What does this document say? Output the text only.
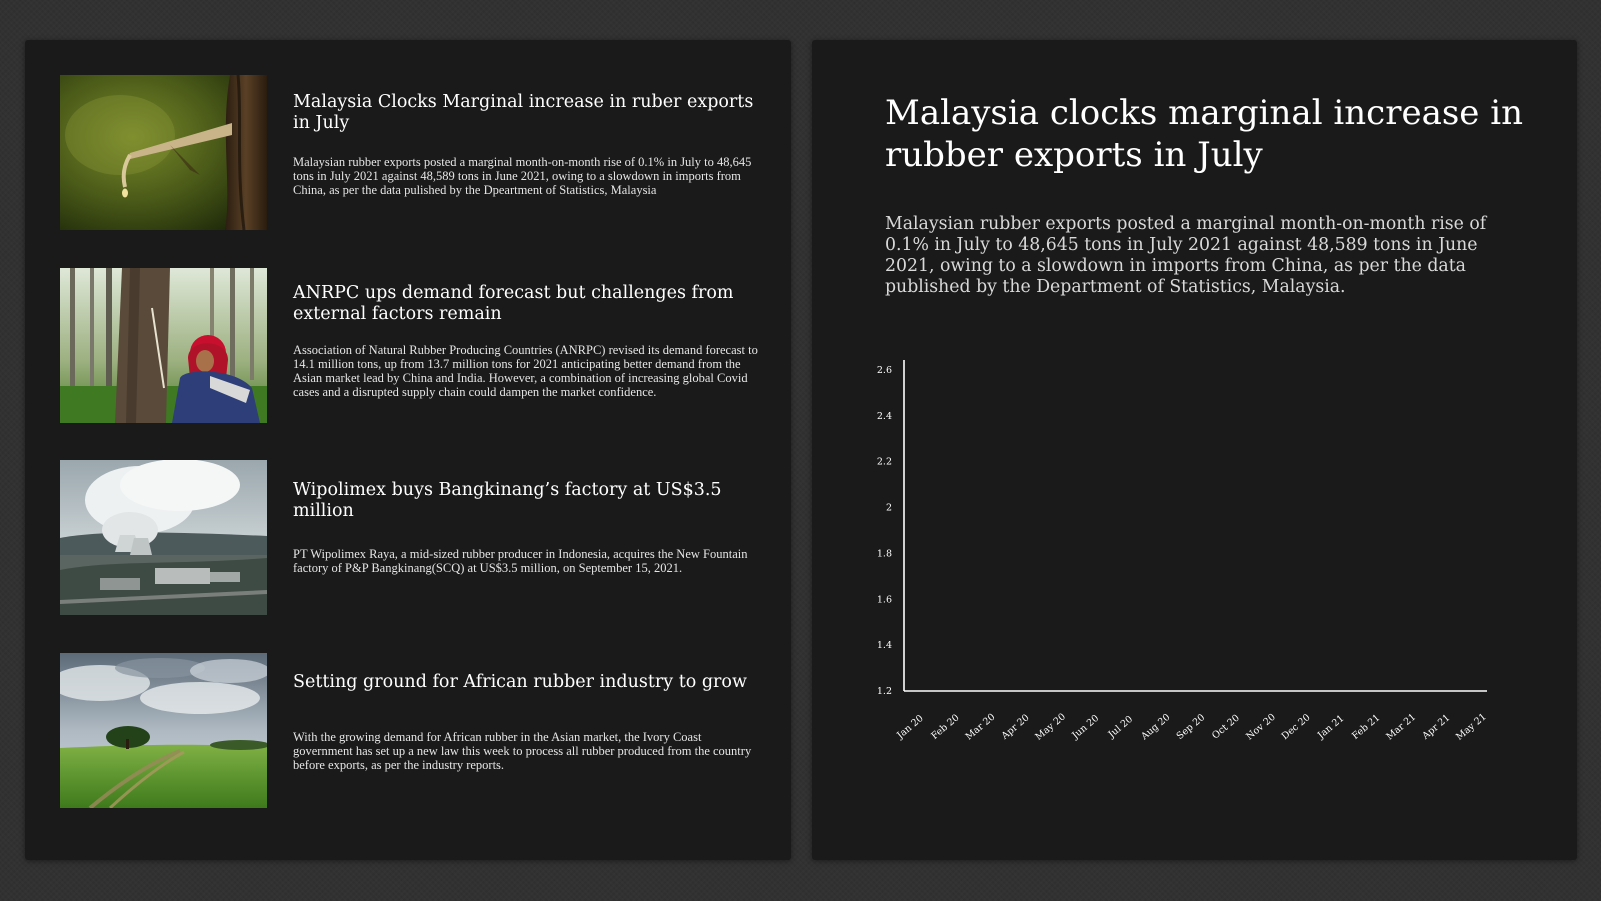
Malaysia Clocks Marginal increase in ruber exports in July

Malaysian rubber exports posted a marginal month-on-month rise of 0.1% in July to 48,645 tons in July 2021 against 48,589 tons in June 2021, owing to a slowdown in imports from China, as per the data pulished by the Dpeartment of Statistics, Malaysia

ANRPC ups demand forecast but challenges from external factors remain

Association of Natural Rubber Producing Countries (ANRPC) revised its demand forecast to 14.1 million tons, up from 13.7 million tons for 2021 anticipating better demand from the Asian market lead by China and India. However, a combination of increasing global Covid cases and a disrupted supply chain could dampen the market confidence.

Wipolimex buys Bangkinang’s factory at US$3.5 million

PT Wipolimex Raya, a mid-sized rubber producer in Indonesia, acquires the New Fountain factory of P&P Bangkinang(SCQ) at US$3.5 million, on September 15, 2021.

Setting ground for African rubber industry to grow

With the growing demand for African rubber in the Asian market, the Ivory Coast government has set up a new law this week to process all rubber produced from the country before exports, as per the industry reports.

Malaysia clocks marginal increase in rubber exports in July

Malaysian rubber exports posted a marginal month-on-month rise of 0.1% in July to 48,645 tons in July 2021 against 48,589 tons in June 2021, owing to a slowdown in imports from China, as per the data published by the Department of Statistics, Malaysia.

1.2
1.4
1.6
1.8
2
2.2
2.4
2.6
Jan 20 Feb 20 Mar 20 Apr 20 May 20 Jun 20 Jul 20 Aug 20 Sep 20 Oct 20 Nov 20 Dec 20 Jan 21 Feb 21 Mar 21 Apr 21 May 21
